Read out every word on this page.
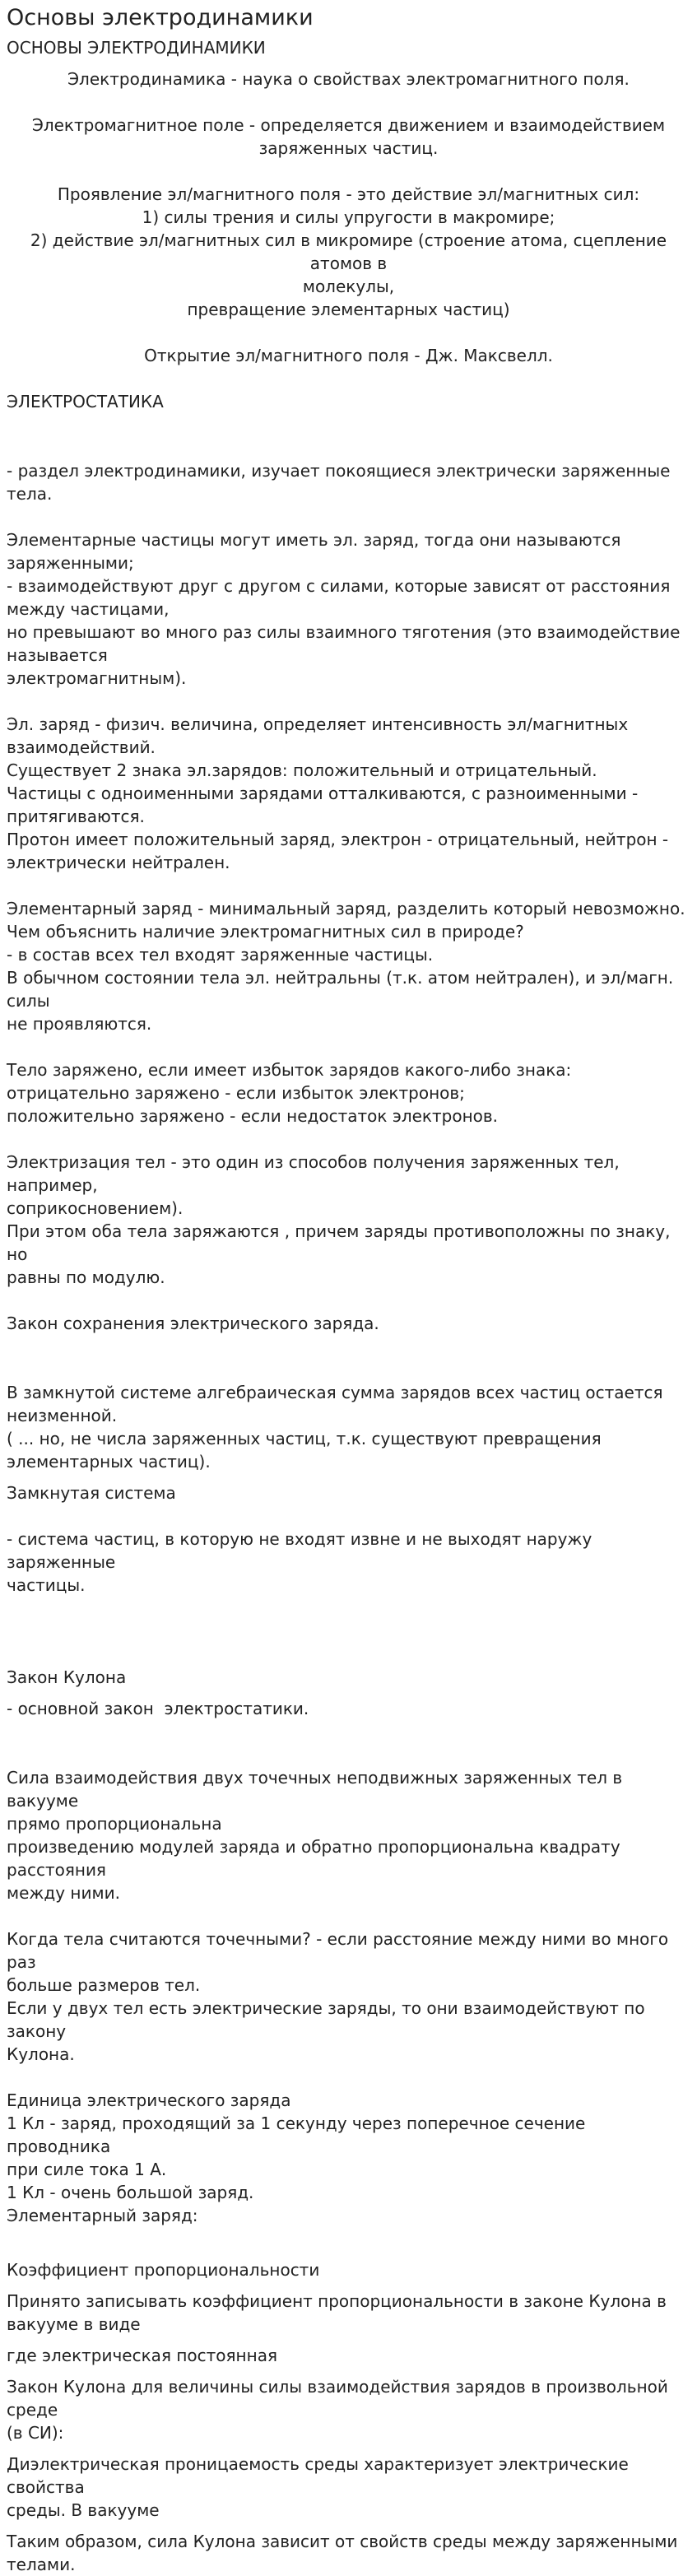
Основы электродинамики
ОСНОВЫ ЭЛЕКТРОДИНАМИКИ
Электродинамика - наука о свойствах электромагнитного поля.
Электромагнитное поле - определяется движением и взаимодействием
заряженных частиц.
Проявление эл/магнитного поля - это действие эл/магнитных сил:
1) силы трения и силы упругости в макромире;
2) действие эл/магнитных сил в микромире (строение атома, сцепление атомов в
молекулы,
превращение элементарных частиц)
Открытие эл/магнитного поля - Дж. Максвелл.
ЭЛЕКТРОСТАТИКА
- раздел электродинамики, изучает покоящиеся электрически заряженные тела.
Элементарные частицы могут иметь эл. заряд, тогда они называются
заряженными;
- взаимодействуют друг с другом с силами, которые зависят от расстояния
между частицами,
но превышают во много раз силы взаимного тяготения (это взаимодействие
называется
электромагнитным).
Эл. заряд - физич. величина, определяет интенсивность эл/магнитных
взаимодействий.
Существует 2 знака эл.зарядов: положительный и отрицательный.
Частицы с одноименными зарядами отталкиваются, с разноименными -
притягиваются.
Протон имеет положительный заряд, электрон - отрицательный, нейтрон -
электрически нейтрален.
Элементарный заряд - минимальный заряд, разделить который невозможно.
Чем объяснить наличие электромагнитных сил в природе?
- в состав всех тел входят заряженные частицы.
В обычном состоянии тела эл. нейтральны (т.к. атом нейтрален), и эл/магн. силы
не проявляются.
Тело заряжено, если имеет избыток зарядов какого-либо знака:
отрицательно заряжено - если избыток электронов;
положительно заряжено - если недостаток электронов.
Электризация тел - это один из способов получения заряженных тел, например,
соприкосновением).
При этом оба тела заряжаются , причем заряды противоположны по знаку, но
равны по модулю.
Закон сохранения электрического заряда.
В замкнутой системе алгебраическая сумма зарядов всех частиц остается
неизменной.
( ... но, не числа заряженных частиц, т.к. существуют превращения
элементарных частиц).
Замкнутая система
- система частиц, в которую не входят извне и не выходят наружу заряженные
частицы.
Закон Кулона
- основной закон  электростатики.
Сила взаимодействия двух точечных неподвижных заряженных тел в вакууме
прямо пропорциональна
произведению модулей заряда и обратно пропорциональна квадрату расстояния
между ними.
Когда тела считаются точечными? - если расстояние между ними во много раз
больше размеров тел.
Если у двух тел есть электрические заряды, то они взаимодействуют по закону
Кулона.
Единица электрического заряда
1 Кл - заряд, проходящий за 1 секунду через поперечное сечение проводника
при силе тока 1 А.
1 Кл - очень большой заряд.
Элементарный заряд:
Коэффициент пропорциональности
Принято записывать коэффициент пропорциональности в законе Кулона в
вакууме в виде
где электрическая постоянная
Закон Кулона для величины силы взаимодействия зарядов в произвольной среде
(в СИ):
Диэлектрическая проницаемость среды характеризует электрические свойства
среды. В вакууме
Таким образом, сила Кулона зависит от свойств среды между заряженными
телами.
